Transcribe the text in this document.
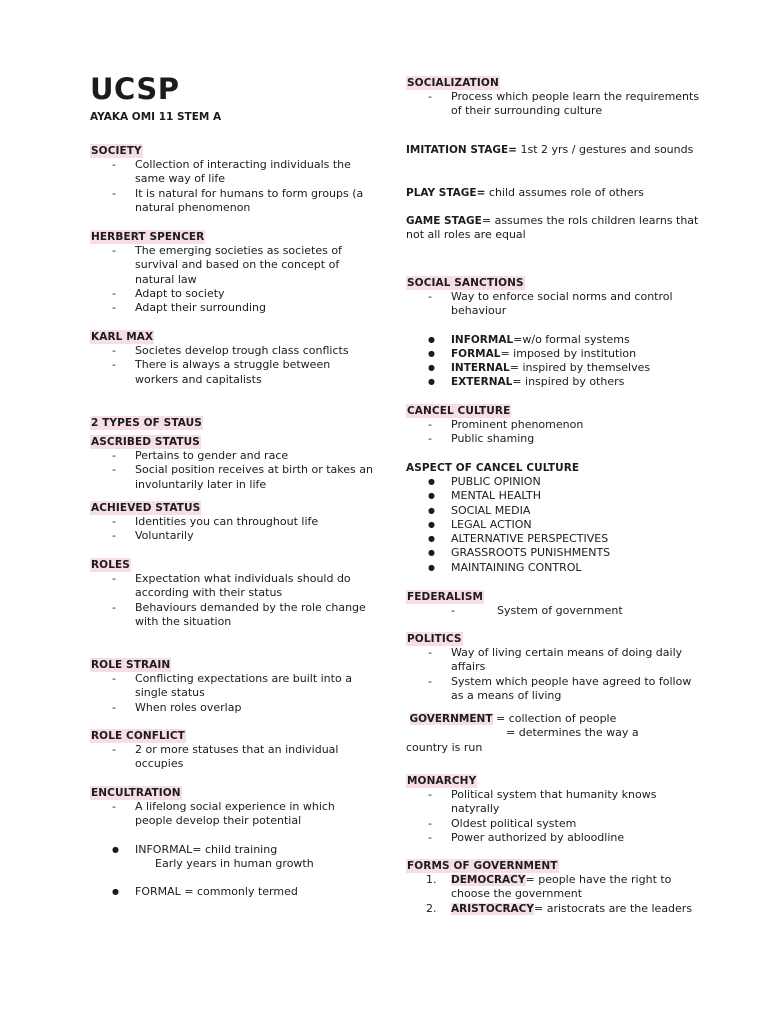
UCSP

AYAKA OMI 11 STEM A

SOCIETY
- Collection of interacting individuals the same way of life
- It is natural for humans to form groups (a natural phenomenon
HERBERT SPENCER
- The emerging societies as societes of survival and based on the concept of natural law
- Adapt to society
- Adapt their surrounding
KARL MAX
- Societes develop trough class conflicts
- There is always a struggle between workers and capitalists
2 TYPES OF STAUS
ASCRIBED STATUS
- Pertains to gender and race
- Social position receives at birth or takes an involuntarily later in life
ACHIEVED STATUS
- Identities you can throughout life
- Voluntarily
ROLES
- Expectation what individuals should do according with their status
- Behaviours demanded by the role change with the situation
ROLE STRAIN
- Conflicting expectations are built into a single status
- When roles overlap
ROLE CONFLICT
- 2 or more statuses that an individual occupies
ENCULTRATION
- A lifelong social experience in which people develop their potential
● INFORMAL= child training

Early years in human growth
● FORMAL = commonly termed
SOCIALIZATION
- Process which people learn the requirements of their surrounding culture

IMITATION STAGE= 1st 2 yrs / gestures and sounds

PLAY STAGE= child assumes role of others

GAME STAGE= assumes the rols children learns that not all roles are equal

SOCIAL SANCTIONS
- Way to enforce social norms and control behaviour
● INFORMAL=w/o formal systems
● FORMAL= imposed by institution
● INTERNAL= inspired by themselves
● EXTERNAL= inspired by others
CANCEL CULTURE
- Prominent phenomenon
- Public shaming
ASPECT OF CANCEL CULTURE
● PUBLIC OPINION
● MENTAL HEALTH
● SOCIAL MEDIA
● LEGAL ACTION
● ALTERNATIVE PERSPECTIVES
● GRASSROOTS PUNISHMENTS
● MAINTAINING CONTROL
FEDERALISM
- System of government
POLITICS
- Way of living certain means of doing daily affairs
- System which people have agreed to follow as a means of living

GOVERNMENT = collection of people

= determines the way a

country is run

MONARCHY
- Political system that humanity knows natyrally
- Oldest political system
- Power authorized by abloodline
FORMS OF GOVERNMENT
1. DEMOCRACY= people have the right to choose the government
2. ARISTOCRACY= aristocrats are the leaders
